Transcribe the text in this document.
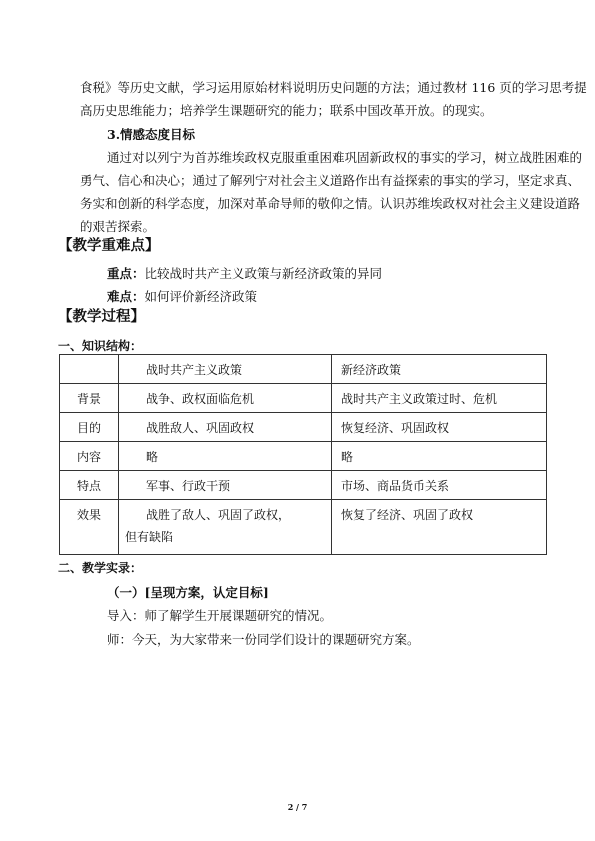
食税》等历史文献，学习运用原始材料说明历史问题的方法；通过教材 116 页的学习思考提
高历史思维能力；培养学生课题研究的能力；联系中国改革开放。的现实。
3.情感态度目标
通过对以列宁为首苏维埃政权克服重重困难巩固新政权的事实的学习，树立战胜困难的
勇气、信心和决心；通过了解列宁对社会主义道路作出有益探索的事实的学习，坚定求真、
务实和创新的科学态度，加深对革命导师的敬仰之情。认识苏维埃政权对社会主义建设道路
的艰苦探索。
【教学重难点】
重点：比较战时共产主义政策与新经济政策的异同
难点：如何评价新经济政策
【教学过程】
一、知识结构：
	战时共产主义政策	新经济政策
背景	战争、政权面临危机	战时共产主义政策过时、危机
目的	战胜敌人、巩固政权	恢复经济、巩固政权
内容	略	略
特点	军事、行政干预	市场、商品货币关系
效果	战胜了敌人、巩固了政权，
但有缺陷	恢复了经济、巩固了政权
二、教学实录：
（一）[呈现方案，认定目标]
导入：师了解学生开展课题研究的情况。
师：今天，为大家带来一份同学们设计的课题研究方案。
2 / 7
